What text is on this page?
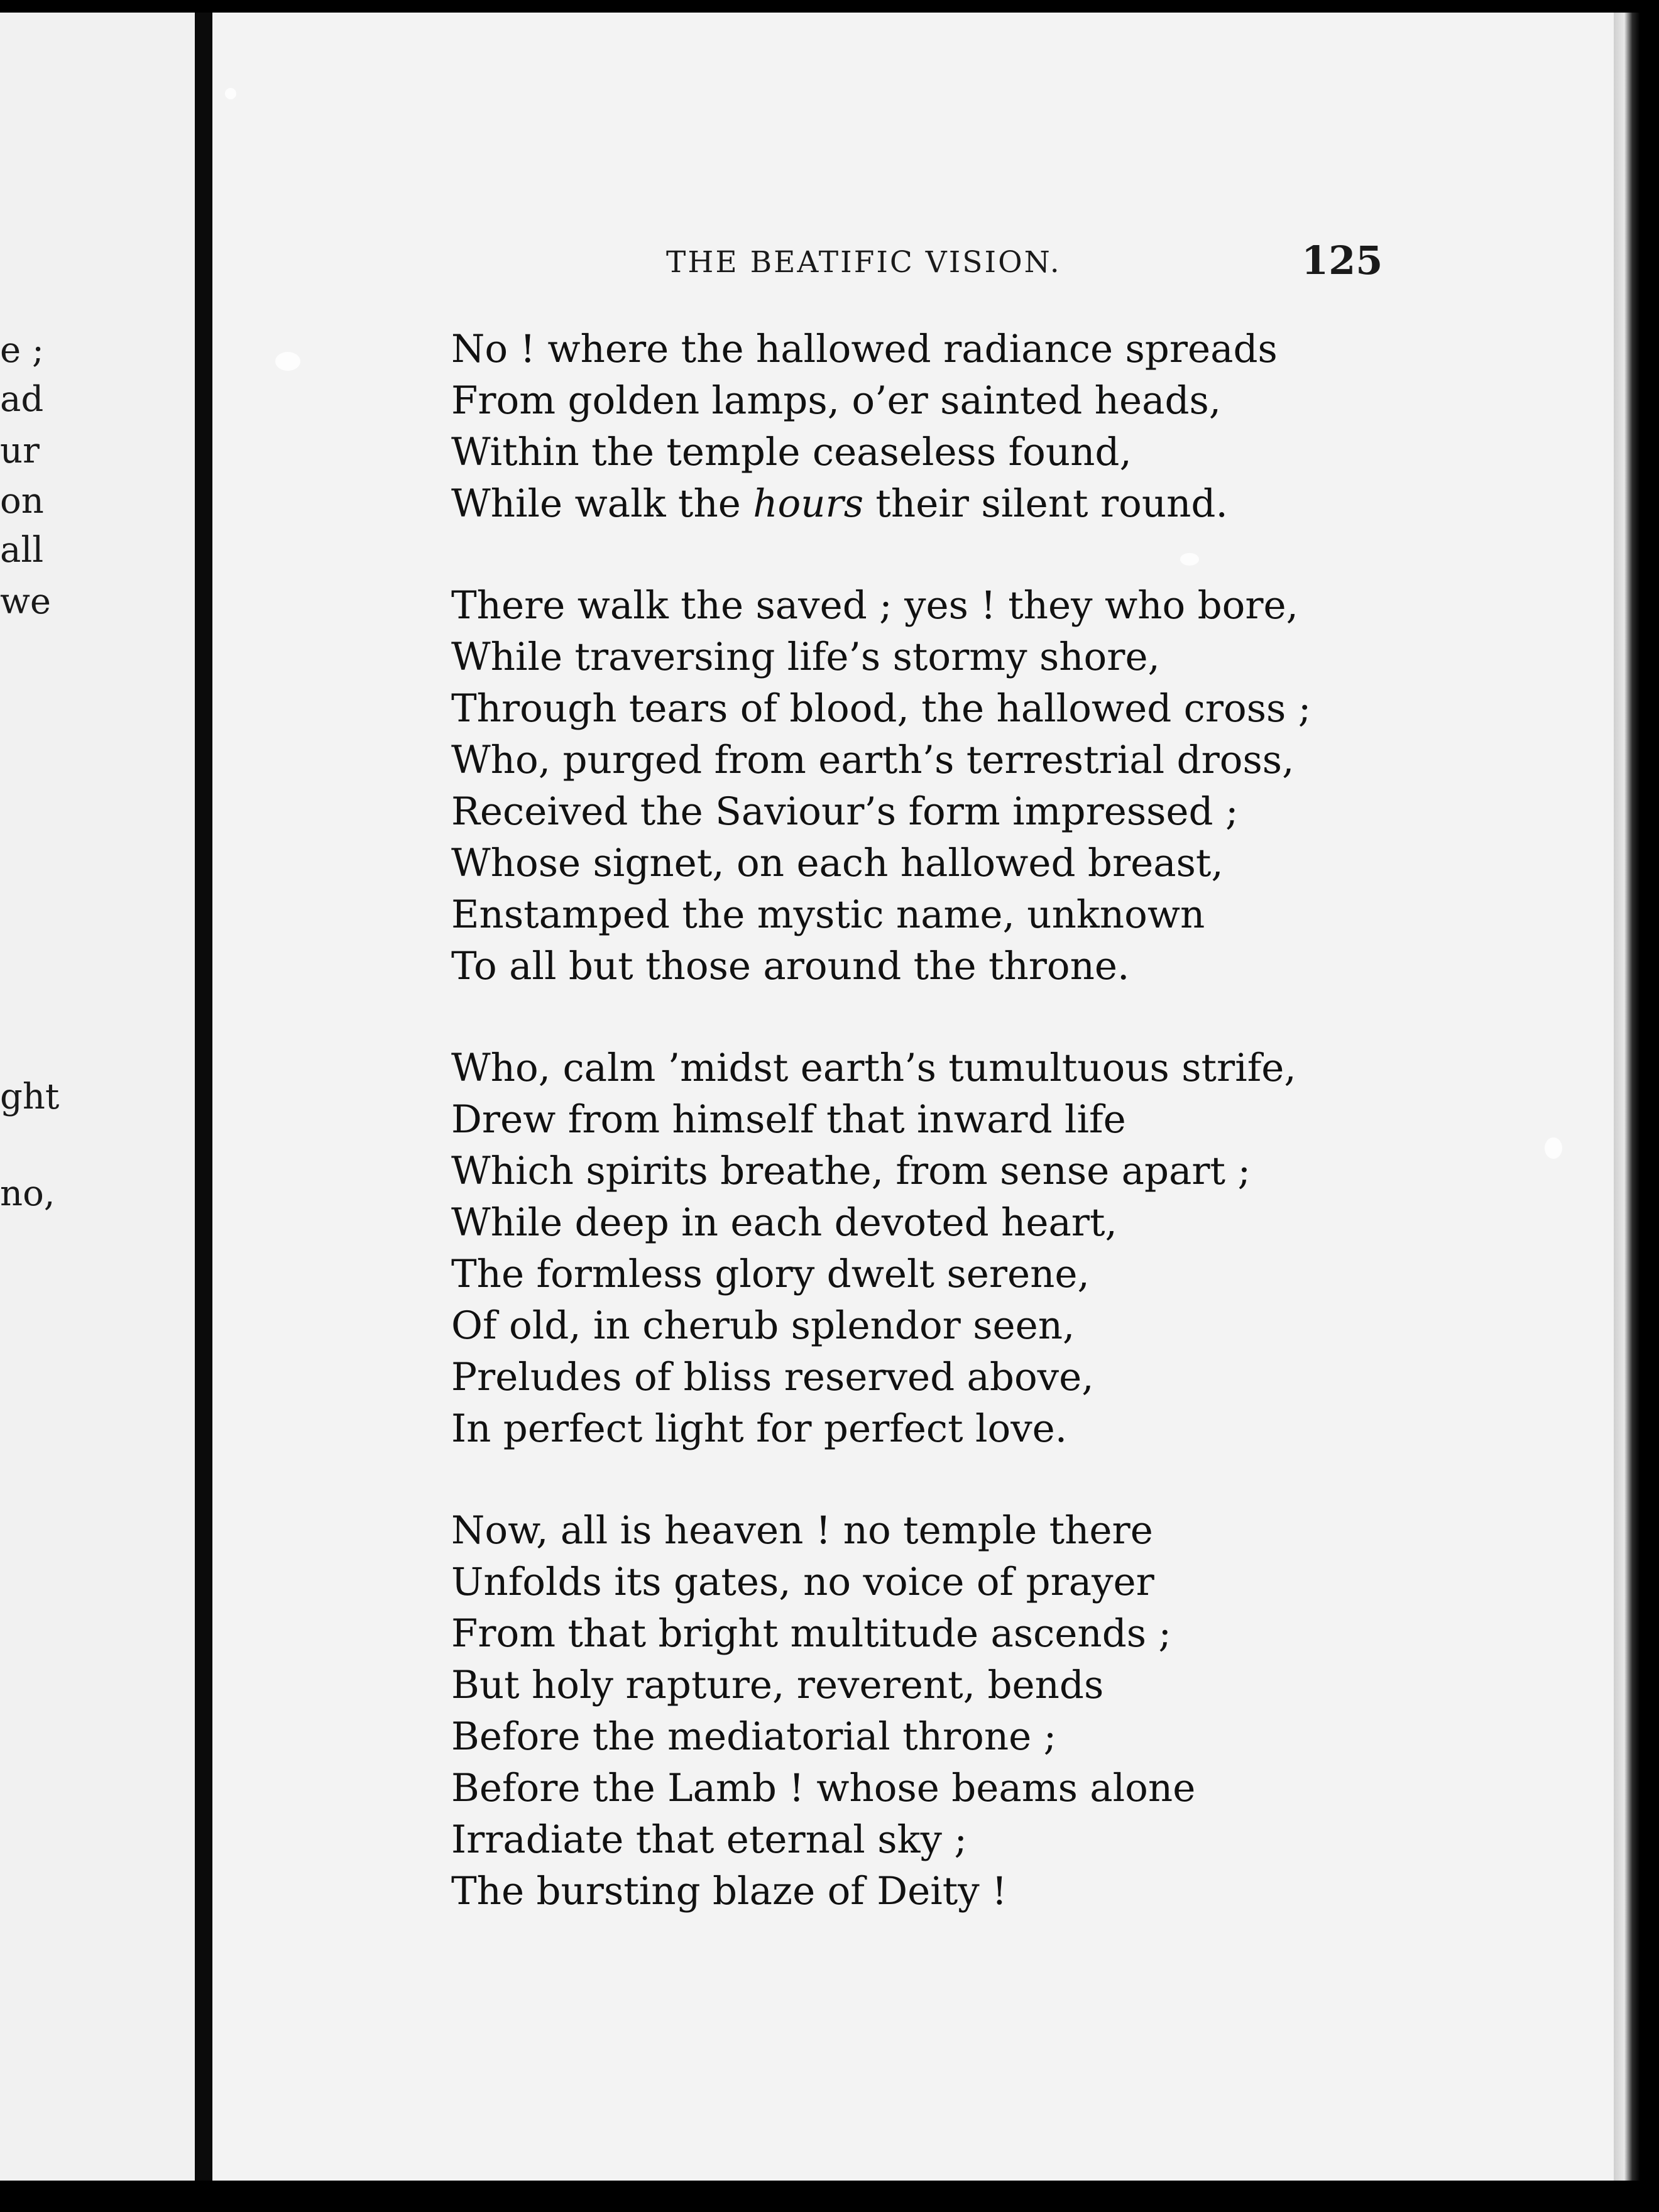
e ;
ad
ur
on
all
we
ght
no,
THE BEATIFIC VISION.	125
No ! where the hallowed radiance spreads
From golden lamps, o’er sainted heads,
Within the temple ceaseless found,
While walk the hours their silent round.
There walk the saved ; yes ! they who bore,
While traversing life’s stormy shore,
Through tears of blood, the hallowed cross ;
Who, purged from earth’s terrestrial dross,
Received the Saviour’s form impressed ;
Whose signet, on each hallowed breast,
Enstamped the mystic name, unknown
To all but those around the throne.
Who, calm ’midst earth’s tumultuous strife,
Drew from himself that inward life
Which spirits breathe, from sense apart ;
While deep in each devoted heart,
The formless glory dwelt serene,
Of old, in cherub splendor seen,
Preludes of bliss reserved above,
In perfect light for perfect love.
Now, all is heaven ! no temple there
Unfolds its gates, no voice of prayer
From that bright multitude ascends ;
But holy rapture, reverent, bends
Before the mediatorial throne ;
Before the Lamb ! whose beams alone
Irradiate that eternal sky ;
The bursting blaze of Deity !
